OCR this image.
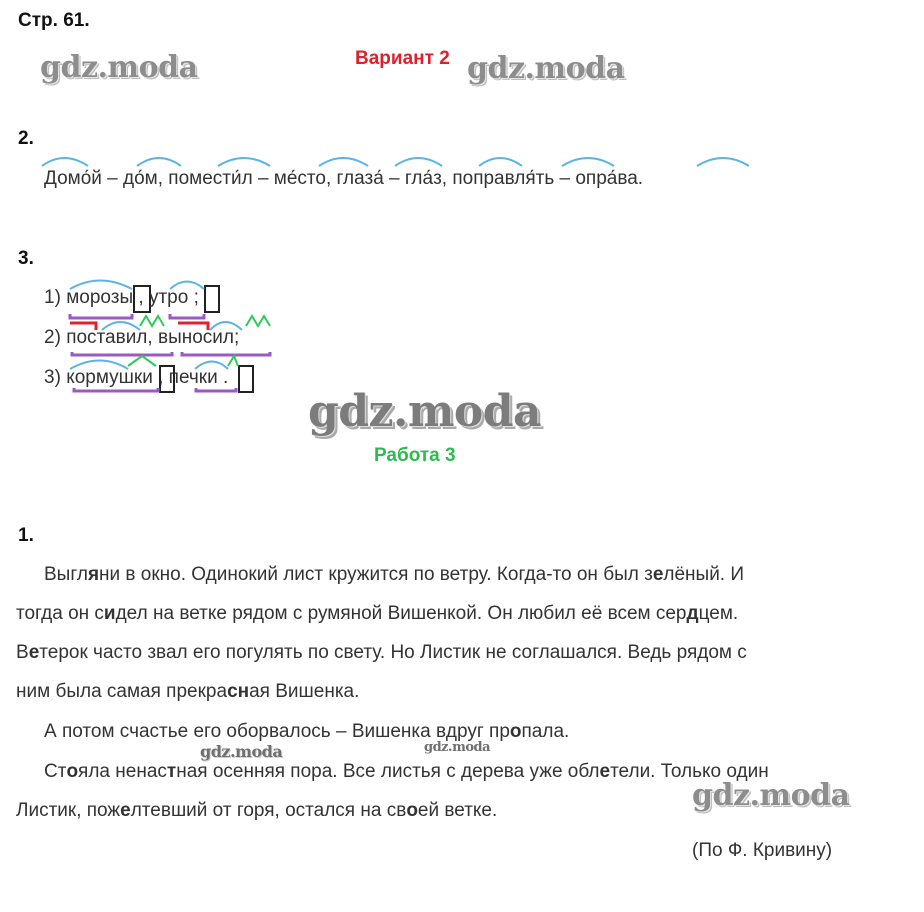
Стр. 61.
gdz.moda	Вариант 2 gdz.moda
2.
Домо́й – до́м, помести́л – ме́сто, глаза́ – гла́з, поправля́ть – опра́ва.
3.
1) морозы , утро ;
2) поставил, выносил;
3) кормушки , печки .
gdz.moda
Работа 3
1.
Выгляни в окно. Одинокий лист кружится по ветру. Когда-то он был зелёный. И
тогда он сидел на ветке рядом с румяной Вишенкой. Он любил её всем сердцем.
Ветерок часто звал его погулять по свету. Но Листик не соглашался. Ведь рядом с
ним была самая прекрасная Вишенка.
А потом счастье его оборвалось – Вишенка вдруг пропала.
gdz.moda	gdz.moda
Стояла ненастная осенняя пора. Все листья с дерева уже облетели. Только один
Листик, пожелтевший от горя, остался на своей ветке.	gdz.moda
(По Ф. Кривину)
